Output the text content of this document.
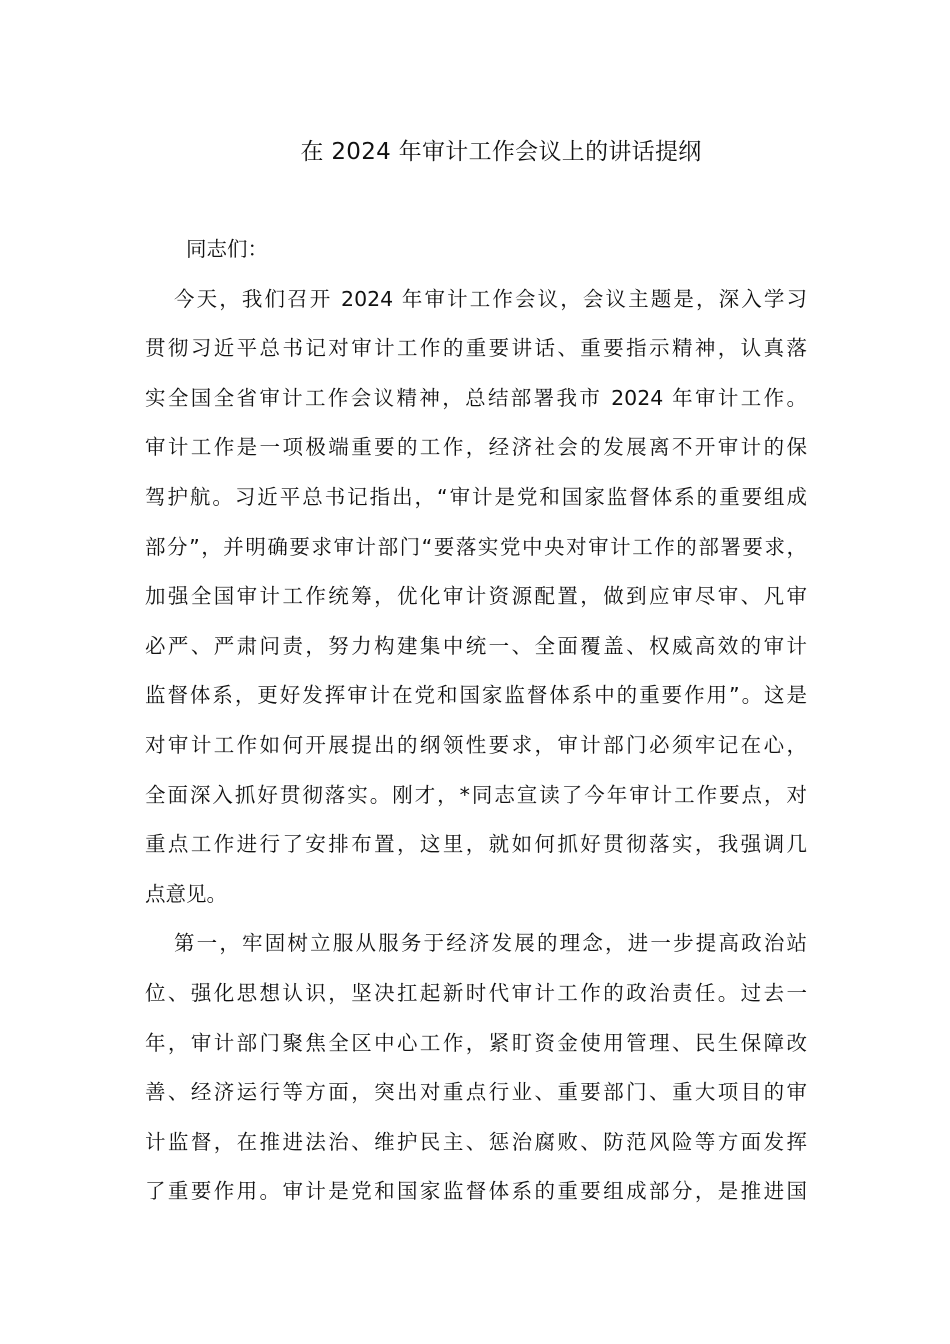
在 2024 年审计工作会议上的讲话提纲

同志们：

今天，我们召开 2024 年审计工作会议，会议主题是，深入学习
贯彻习近平总书记对审计工作的重要讲话、重要指示精神，认真落
实全国全省审计工作会议精神，总结部署我市 2024 年审计工作。
审计工作是一项极端重要的工作，经济社会的发展离不开审计的保
驾护航。习近平总书记指出，“审计是党和国家监督体系的重要组成
部分”，并明确要求审计部门“要落实党中央对审计工作的部署要求，
加强全国审计工作统筹，优化审计资源配置，做到应审尽审、凡审
必严、严肃问责，努力构建集中统一、全面覆盖、权威高效的审计
监督体系，更好发挥审计在党和国家监督体系中的重要作用”。这是
对审计工作如何开展提出的纲领性要求，审计部门必须牢记在心，
全面深入抓好贯彻落实。刚才，*同志宣读了今年审计工作要点，对
重点工作进行了安排布置，这里，就如何抓好贯彻落实，我强调几
点意见。

第一，牢固树立服从服务于经济发展的理念，进一步提高政治站
位、强化思想认识，坚决扛起新时代审计工作的政治责任。过去一
年，审计部门聚焦全区中心工作，紧盯资金使用管理、民生保障改
善、经济运行等方面，突出对重点行业、重要部门、重大项目的审
计监督，在推进法治、维护民主、惩治腐败、防范风险等方面发挥
了重要作用。审计是党和国家监督体系的重要组成部分，是推进国
